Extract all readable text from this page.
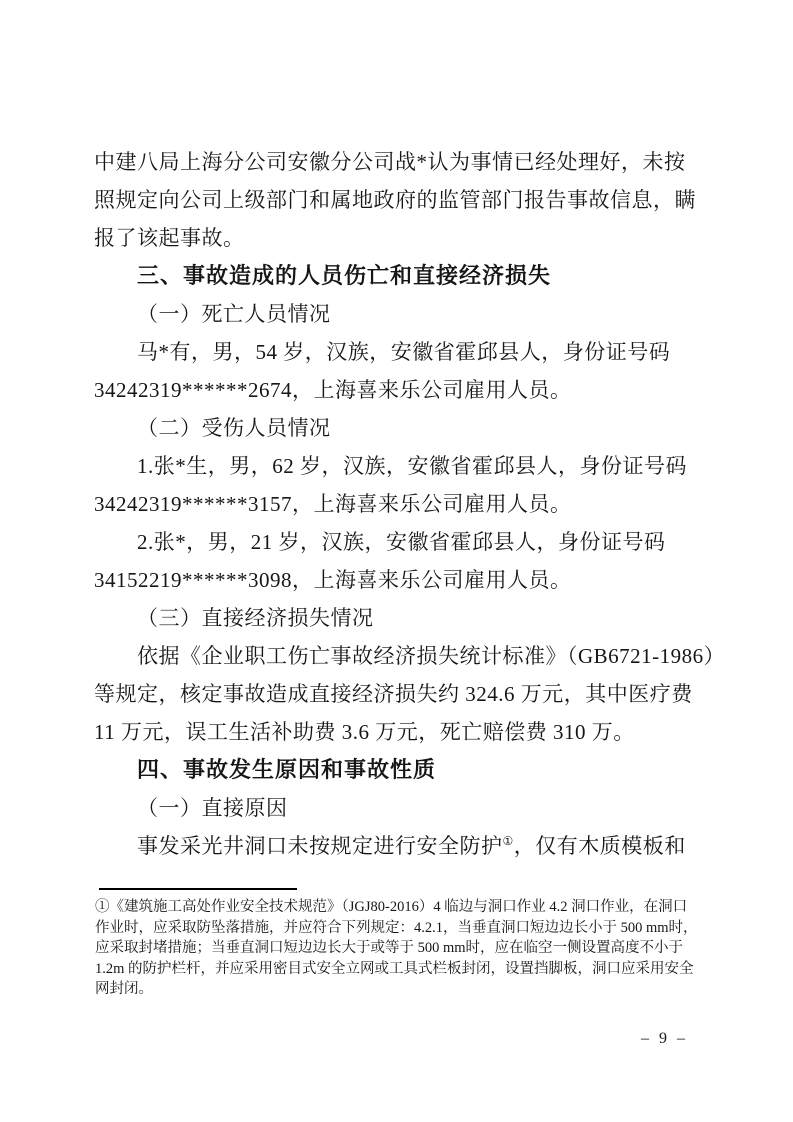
中建八局上海分公司安徽分公司战*认为事情已经处理好，未按
照规定向公司上级部门和属地政府的监管部门报告事故信息，瞒
报了该起事故。
三、事故造成的人员伤亡和直接经济损失
（一）死亡人员情况
马*有，男，54 岁，汉族，安徽省霍邱县人，身份证号码
34242319******2674，上海喜来乐公司雇用人员。
（二）受伤人员情况
1.张*生，男，62 岁，汉族，安徽省霍邱县人，身份证号码
34242319******3157，上海喜来乐公司雇用人员。
2.张*，男，21 岁，汉族，安徽省霍邱县人，身份证号码
34152219******3098，上海喜来乐公司雇用人员。
（三）直接经济损失情况
依据《企业职工伤亡事故经济损失统计标准》（GB6721-1986）
等规定，核定事故造成直接经济损失约 324.6 万元，其中医疗费
11 万元，误工生活补助费 3.6 万元，死亡赔偿费 310 万。
四、事故发生原因和事故性质
（一）直接原因
事发采光井洞口未按规定进行安全防护①，仅有木质模板和
①《建筑施工高处作业安全技术规范》（JGJ80-2016）4 临边与洞口作业 4.2 洞口作业，在洞口
作业时，应采取防坠落措施，并应符合下列规定：4.2.1，当垂直洞口短边边长小于 500 mm时，
应采取封堵措施；当垂直洞口短边边长大于或等于 500 mm时，应在临空一侧设置高度不小于
1.2m 的防护栏杆，并应采用密目式安全立网或工具式栏板封闭，设置挡脚板，洞口应采用安全
网封闭。
– 9 –
